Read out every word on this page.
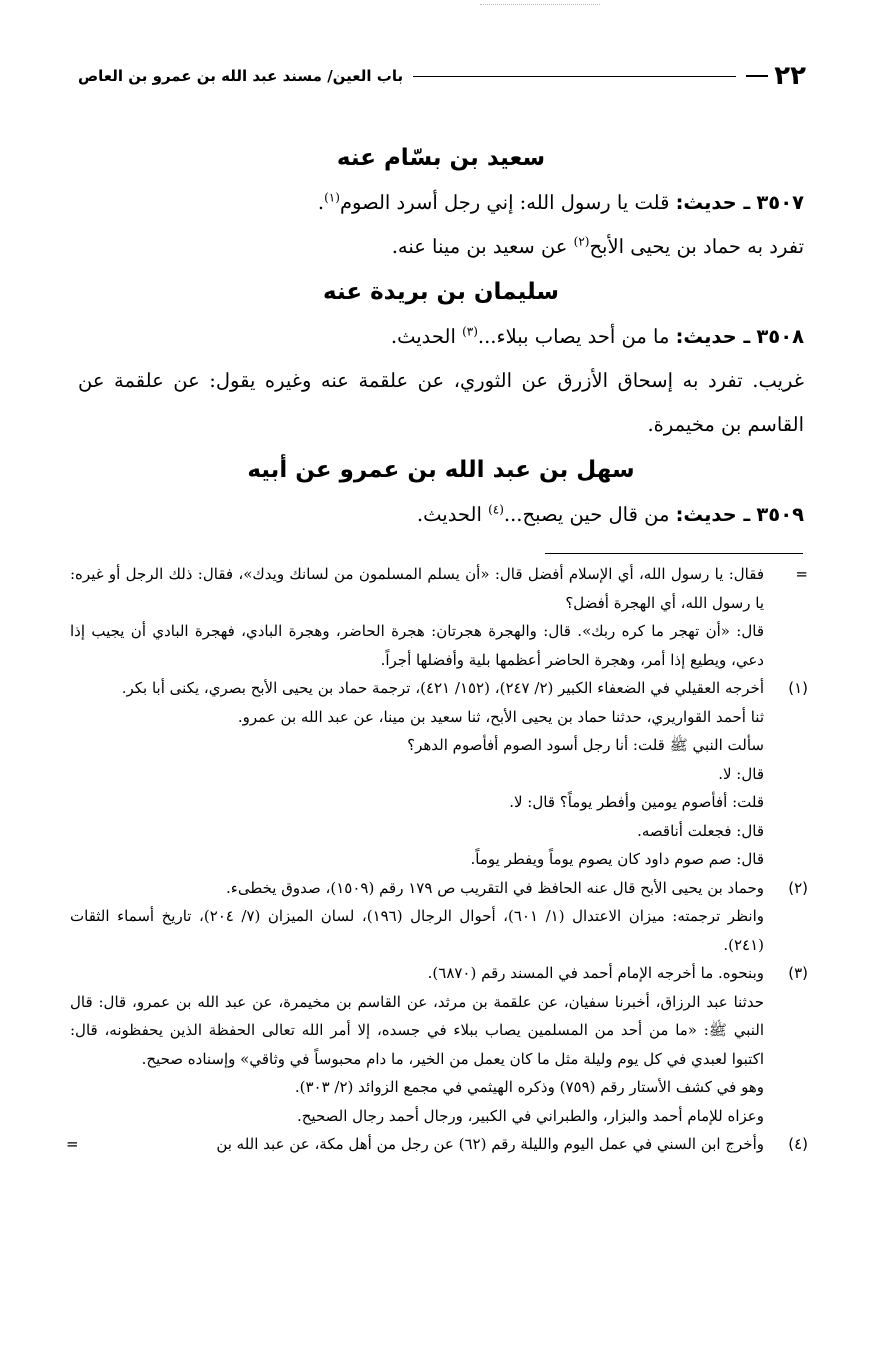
٢٢
باب العين/ مسند عبد الله بن عمرو بن العاص
سعيد بن بسّام عنه
٣٥٠٧ ـ حديث: قلت يا رسول الله: إني رجل أسرد الصوم$^{(١)}$.
تفرد به حماد بن يحيى الأبح$^{(٢)}$ عن سعيد بن مينا عنه.
سليمان بن بريدة عنه
٣٥٠٨ ـ حديث: ما من أحد يصاب ببلاء...$^{(٣)}$ الحديث.
غريب. تفرد به إسحاق الأزرق عن الثوري، عن علقمة عنه وغيره يقول: عن علقمة عن القاسم بن مخيمرة.
سهل بن عبد الله بن عمرو عن أبيه
٣٥٠٩ ـ حديث: من قال حين يصبح...$^{(٤)}$ الحديث.
=
فقال: يا رسول الله، أي الإسلام أفضل قال: «أن يسلم المسلمون من لسانك ويدك»، فقال: ذلك الرجل أو غيره: يا رسول الله، أي الهجرة أفضل؟
قال: «أن تهجر ما كره ربك». قال: والهجرة هجرتان: هجرة الحاضر، وهجرة البادي، فهجرة البادي أن يجيب إذا دعي، ويطيع إذا أمر، وهجرة الحاضر أعظمها بلية وأفضلها أجراً.
(١)
أخرجه العقيلي في الضعفاء الكبير (٢/ ٢٤٧)، (١٥٢/ ٤٢١)، ترجمة حماد بن يحيى الأبح بصري، يكنى أبا بكر.
ثنا أحمد القواريري، حدثنا حماد بن يحيى الأبح، ثنا سعيد بن مينا، عن عبد الله بن عمرو.
سألت النبي ﷺ قلت: أنا رجل أسود الصوم أفأصوم الدهر؟
قال: لا.
قلت: أفأصوم يومين وأفطر يوماً؟ قال: لا.
قال: فجعلت أناقصه.
قال: صم صوم داود كان يصوم يوماً ويفطر يوماً.
(٢)
وحماد بن يحيى الأبح قال عنه الحافظ في التقريب ص ١٧٩ رقم (١٥٠٩)، صدوق يخطىء.
وانظر ترجمته: ميزان الاعتدال (١/ ٦٠١)، أحوال الرجال (١٩٦)، لسان الميزان (٧/ ٢٠٤)، تاريخ أسماء الثقات (٢٤١).
(٣)
وبنحوه. ما أخرجه الإمام أحمد في المسند رقم (٦٨٧٠).
حدثنا عبد الرزاق، أخبرنا سفيان، عن علقمة بن مرثد، عن القاسم بن مخيمرة، عن عبد الله بن عمرو، قال: قال النبي ﷺ: «ما من أحد من المسلمين يصاب ببلاء في جسده، إلا أمر الله تعالى الحفظة الذين يحفظونه، قال: اكتبوا لعبدي في كل يوم وليلة مثل ما كان يعمل من الخير، ما دام محبوساً في وثاقي» وإسناده صحيح.
وهو في كشف الأستار رقم (٧٥٩) وذكره الهيثمي في مجمع الزوائد (٢/ ٣٠٣).
وعزاه للإمام أحمد والبزار، والطبراني في الكبير، ورجال أحمد رجال الصحيح.
(٤)
وأخرج ابن السني في عمل اليوم والليلة رقم (٦٢) عن رجل من أهل مكة، عن عبد الله بن
=
